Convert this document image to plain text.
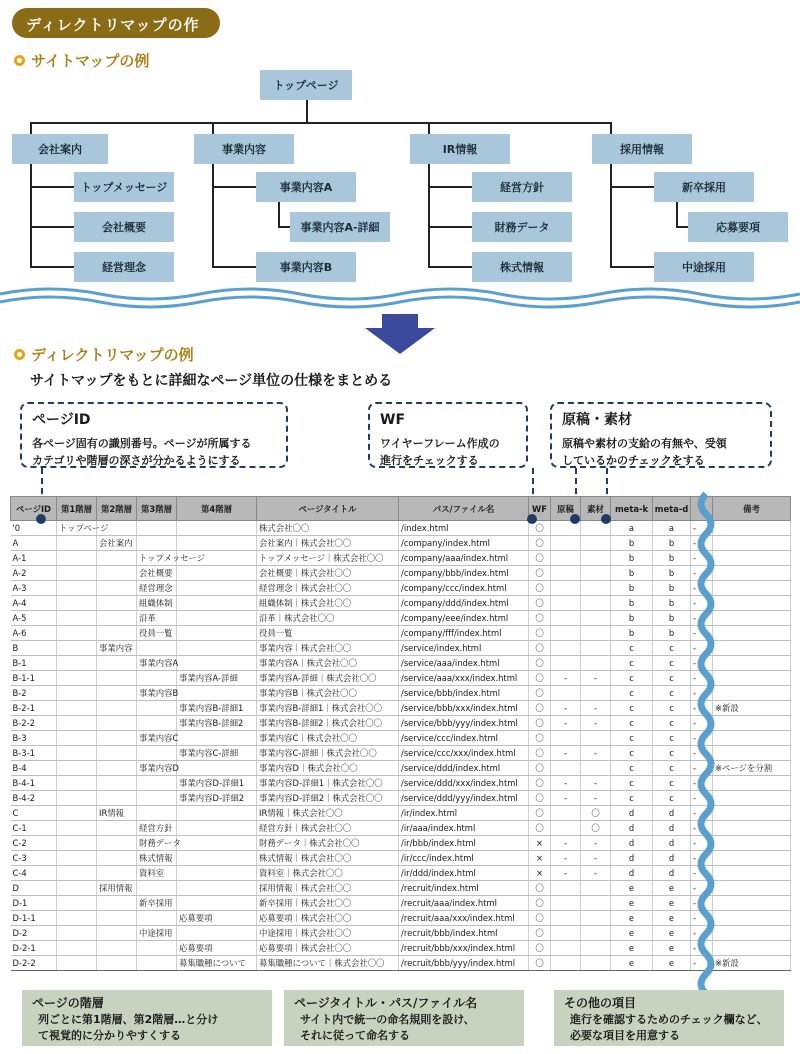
ディレクトリマップの作成
サイトマップの例
トップページ
会社案内	事業内容	IR情報	採用情報
トップメッセージ
会社概要
経営理念
事業内容A
事業内容A-詳細
事業内容B
経営方針
財務データ
株式情報
新卒採用
応募要項
中途採用
ディレクトリマップの例
サイトマップをもとに詳細なページ単位の仕様をまとめる
ページID
各ページ固有の識別番号。ページが所属する
カテゴリや階層の深さが分かるようにする
WF
ワイヤーフレーム作成の
進行をチェックする
原稿・素材
原稿や素材の支給の有無や、受領
しているかのチェックをする
ページID	第1階層	第2階層	第3階層	第4階層	ページタイトル	パス/ファイル名	WF	原稿	素材	meta-k	meta-d		備考
'0	トップページ				株式会社〇〇	/index.html	〇			a	a	-	
A		会社案内			会社案内｜株式会社〇〇	/company/index.html	〇			b	b	-	
A-1			トップメッセージ		トップメッセージ｜株式会社〇〇	/company/aaa/index.html	〇			b	b	-	
A-2			会社概要		会社概要｜株式会社〇〇	/company/bbb/index.html	〇			b	b	-	
A-3			経営理念		経営理念｜株式会社〇〇	/company/ccc/index.html	〇			b	b	-	
A-4			組織体制		組織体制｜株式会社〇〇	/company/ddd/index.html	〇			b	b	-	
A-5			沿革		沿革｜株式会社〇〇	/company/eee/index.html	〇			b	b	-	
A-6			役員一覧		役員一覧	/company/fff/index.html	〇			b	b	-	
B		事業内容			事業内容｜株式会社〇〇	/service/index.html	〇			c	c	-	
B-1			事業内容A		事業内容A｜株式会社〇〇	/service/aaa/index.html	〇			c	c	-	
B-1-1				事業内容A-詳細	事業内容A-詳細｜株式会社〇〇	/service/aaa/xxx/index.html	〇	-	-	c	c	-	
B-2			事業内容B		事業内容B｜株式会社〇〇	/service/bbb/index.html	〇			c	c	-	
B-2-1				事業内容B-詳細1	事業内容B-詳細1｜株式会社〇〇	/service/bbb/xxx/index.html	〇	-	-	c	c	-	※新設
B-2-2				事業内容B-詳細2	事業内容B-詳細2｜株式会社〇〇	/service/bbb/yyy/index.html	〇	-	-	c	c	-	
B-3			事業内容C		事業内容C｜株式会社〇〇	/service/ccc/index.html	〇			c	c	-	
B-3-1				事業内容C-詳細	事業内容C-詳細｜株式会社〇〇	/service/ccc/xxx/index.html	〇	-	-	c	c	-	
B-4			事業内容D		事業内容D｜株式会社〇〇	/service/ddd/index.html	〇			c	c	-	※ページを分割
B-4-1				事業内容D-詳細1	事業内容D-詳細1｜株式会社〇〇	/service/ddd/xxx/index.html	〇	-	-	c	c	-	
B-4-2				事業内容D-詳細2	事業内容D-詳細2｜株式会社〇〇	/service/ddd/yyy/index.html	〇	-	-	c	c	-	
C		IR情報			IR情報｜株式会社〇〇	/ir/index.html	〇		〇	d	d	-	
C-1			経営方針		経営方針｜株式会社〇〇	/ir/aaa/index.html	〇		〇	d	d	-	
C-2			財務データ		財務データ｜株式会社〇〇	/ir/bbb/index.html	×	-	-	d	d	-	
C-3			株式情報		株式情報｜株式会社〇〇	/ir/ccc/index.html	×	-	-	d	d	-	
C-4			資料室		資料室｜株式会社〇〇	/ir/ddd/index.html	×	-	-	d	d	-	
D		採用情報			採用情報｜株式会社〇〇	/recruit/index.html	〇			e	e	-	
D-1			新卒採用		新卒採用｜株式会社〇〇	/recruit/aaa/index.html	〇			e	e	-	
D-1-1				応募要項	応募要項｜株式会社〇〇	/recruit/aaa/xxx/index.html	〇			e	e	-	
D-2			中途採用		中途採用｜株式会社〇〇	/recruit/bbb/index.html	〇			e	e	-	
D-2-1				応募要項	応募要項｜株式会社〇〇	/recruit/bbb/xxx/index.html	〇			e	e	-	
D-2-2				募集職種について	募集職種について｜株式会社〇〇	/recruit/bbb/yyy/index.html	〇			e	e	-	※新設
ページの階層
列ごとに第1階層、第2階層…と分け
て視覚的に分かりやすくする
ページタイトル・パス/ファイル名
サイト内で統一の命名規則を設け、
それに従って命名する
その他の項目
進行を確認するためのチェック欄など、
必要な項目を用意する
